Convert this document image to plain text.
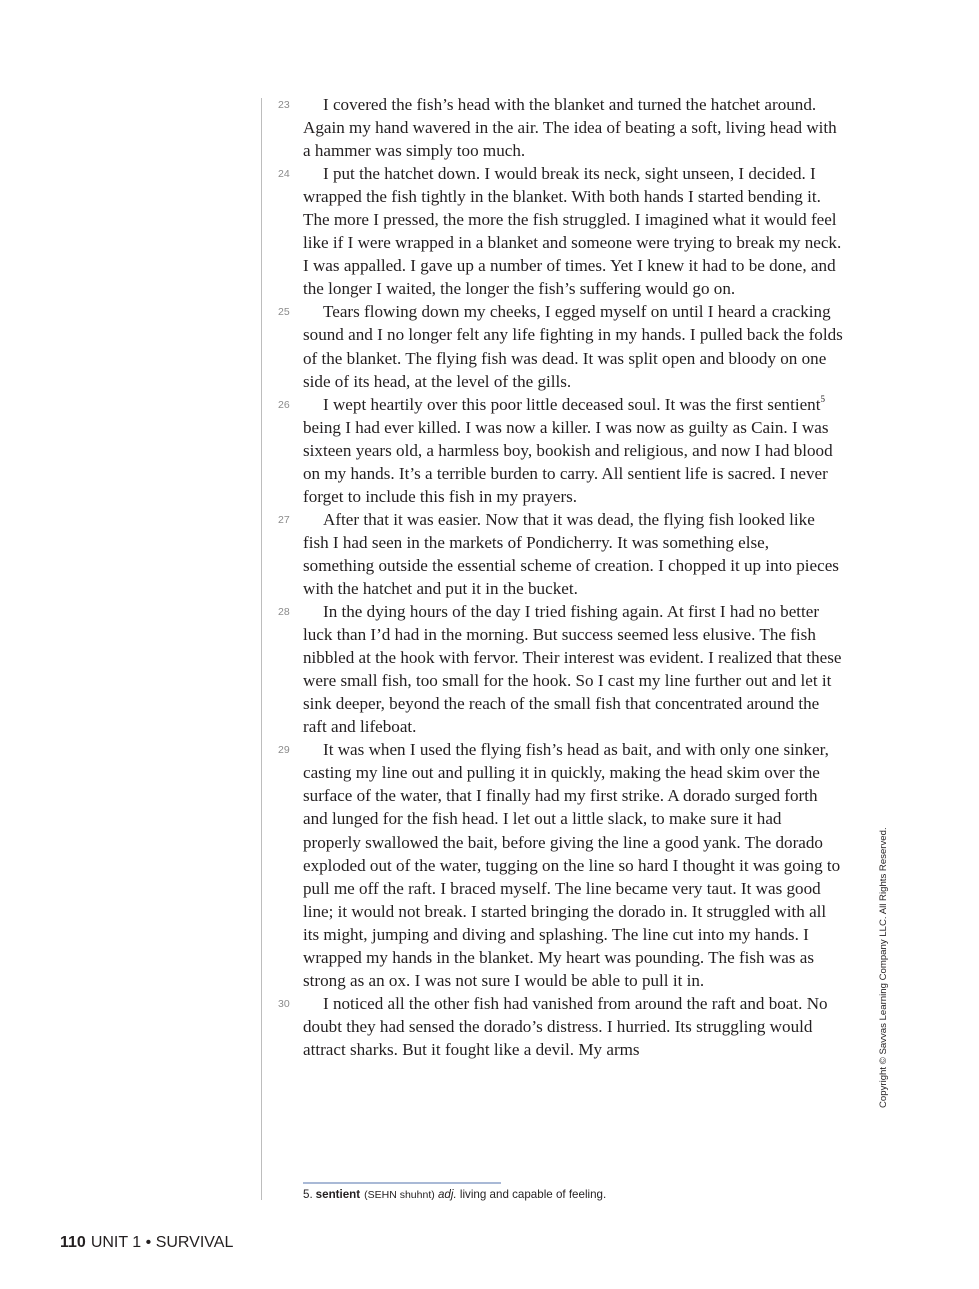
23 I covered the fish’s head with the blanket and turned the hatchet around. Again my hand wavered in the air. The idea of beating a soft, living head with a hammer was simply too much.

24 I put the hatchet down. I would break its neck, sight unseen, I decided. I wrapped the fish tightly in the blanket. With both hands I started bending it. The more I pressed, the more the fish struggled. I imagined what it would feel like if I were wrapped in a blanket and someone were trying to break my neck. I was appalled. I gave up a number of times. Yet I knew it had to be done, and the longer I waited, the longer the fish’s suffering would go on.

25 Tears flowing down my cheeks, I egged myself on until I heard a cracking sound and I no longer felt any life fighting in my hands. I pulled back the folds of the blanket. The flying fish was dead. It was split open and bloody on one side of its head, at the level of the gills.

26 I wept heartily over this poor little deceased soul. It was the first sentient$^5$ being I had ever killed. I was now a killer. I was now as guilty as Cain. I was sixteen years old, a harmless boy, bookish and religious, and now I had blood on my hands. It’s a terrible burden to carry. All sentient life is sacred. I never forget to include this fish in my prayers.

27 After that it was easier. Now that it was dead, the flying fish looked like fish I had seen in the markets of Pondicherry. It was something else, something outside the essential scheme of creation. I chopped it up into pieces with the hatchet and put it in the bucket.

28 In the dying hours of the day I tried fishing again. At first I had no better luck than I’d had in the morning. But success seemed less elusive. The fish nibbled at the hook with fervor. Their interest was evident. I realized that these were small fish, too small for the hook. So I cast my line further out and let it sink deeper, beyond the reach of the small fish that concentrated around the raft and lifeboat.

29 It was when I used the flying fish’s head as bait, and with only one sinker, casting my line out and pulling it in quickly, making the head skim over the surface of the water, that I finally had my first strike. A dorado surged forth and lunged for the fish head. I let out a little slack, to make sure it had properly swallowed the bait, before giving the line a good yank. The dorado exploded out of the water, tugging on the line so hard I thought it was going to pull me off the raft. I braced myself. The line became very taut. It was good line; it would not break. I started bringing the dorado in. It struggled with all its might, jumping and diving and splashing. The line cut into my hands. I wrapped my hands in the blanket. My heart was pounding. The fish was as strong as an ox. I was not sure I would be able to pull it in.

30 I noticed all the other fish had vanished from around the raft and boat. No doubt they had sensed the dorado’s distress. I hurried. Its struggling would attract sharks. But it fought like a devil. My arms

5. sentient (SEHN shuhnt) adj. living and capable of feeling.
Copyright © Savvas Learning Company LLC. All Rights Reserved.
110 UNIT 1 • SURVIVAL
